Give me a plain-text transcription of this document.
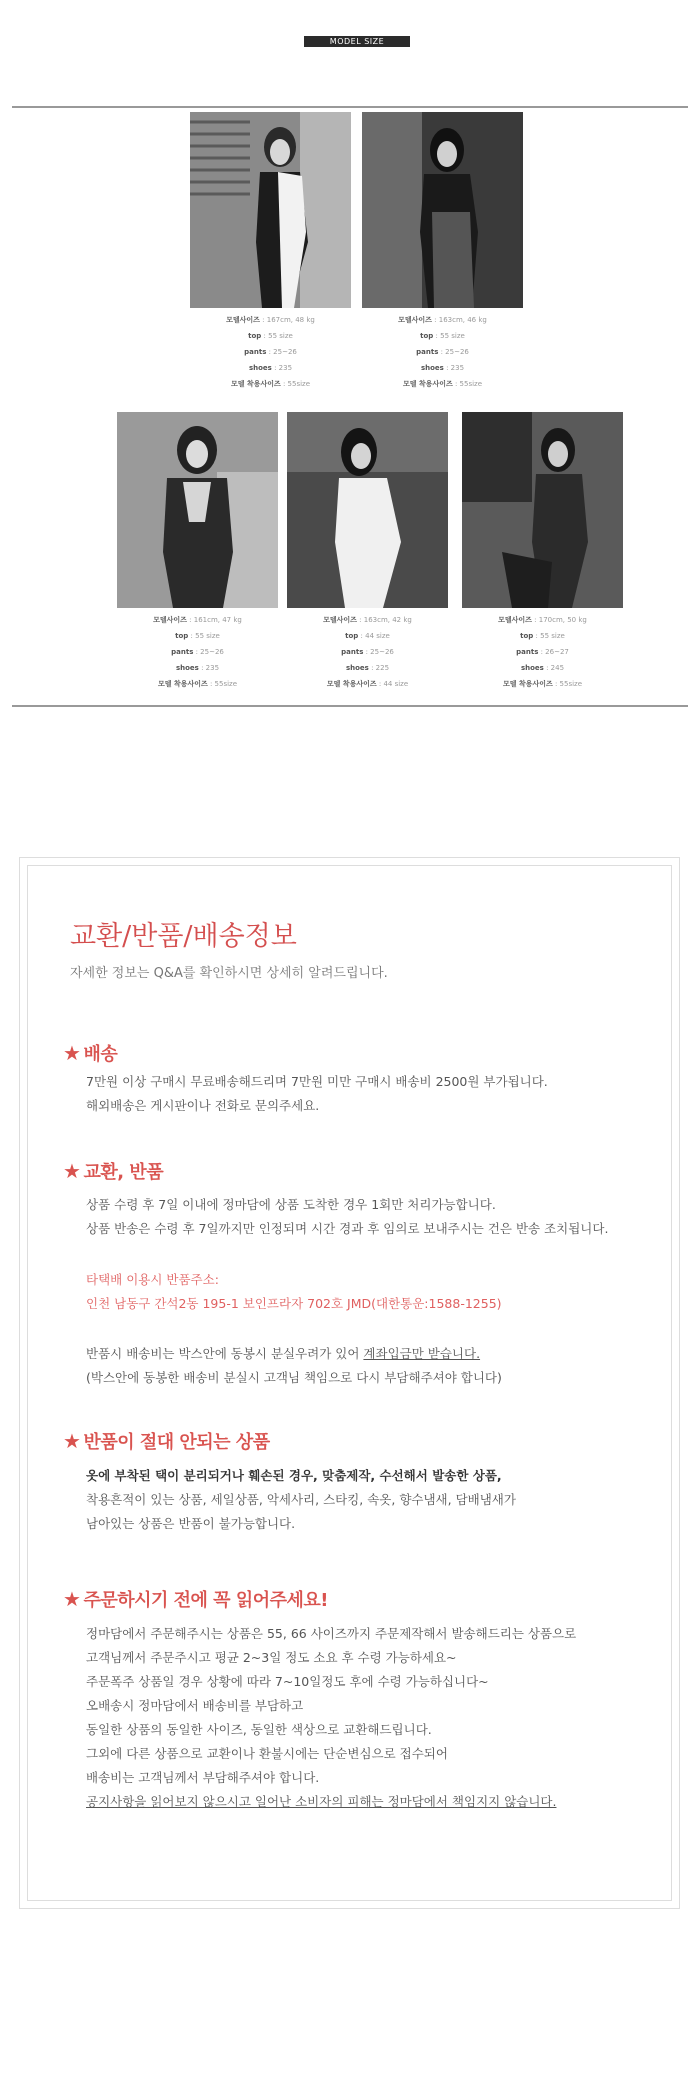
MODEL SIZE
모델사이즈 : 167cm, 48 kg
top : 55 size
pants : 25~26
shoes : 235
모델 착용사이즈 : 55size
모델사이즈 : 163cm, 46 kg
top : 55 size
pants : 25~26
shoes : 235
모델 착용사이즈 : 55size
모델사이즈 : 161cm, 47 kg
top : 55 size
pants : 25~26
shoes : 235
모델 착용사이즈 : 55size
모델사이즈 : 163cm, 42 kg
top : 44 size
pants : 25~26
shoes : 225
모델 착용사이즈 : 44 size
모델사이즈 : 170cm, 50 kg
top : 55 size
pants : 26~27
shoes : 245
모델 착용사이즈 : 55size
교환/반품/배송정보
자세한 정보는 Q&A를 확인하시면 상세히 알려드립니다.
★ 배송
7만원 이상 구매시 무료배송해드리며 7만원 미만 구매시 배송비 2500원 부가됩니다.
해외배송은 게시판이나 전화로 문의주세요.
★ 교환, 반품
상품 수령 후 7일 이내에 정마담에 상품 도착한 경우 1회만 처리가능합니다.
상품 반송은 수령 후 7일까지만 인정되며 시간 경과 후 임의로 보내주시는 건은 반송 조치됩니다.
타택배 이용시 반품주소:
인천 남동구 간석2동 195-1 보인프라자 702호 JMD(대한통운:1588-1255)
반품시 배송비는 박스안에 동봉시 분실우려가 있어 계좌입금만 받습니다.
(박스안에 동봉한 배송비 분실시 고객님 책임으로 다시 부담해주셔야 합니다)
★ 반품이 절대 안되는 상품
옷에 부착된 택이 분리되거나 훼손된 경우, 맞춤제작, 수선해서 발송한 상품,
착용흔적이 있는 상품, 세일상품, 악세사리, 스타킹, 속옷, 향수냄새, 담배냄새가
남아있는 상품은 반품이 불가능합니다.
★ 주문하시기 전에 꼭 읽어주세요!
정마담에서 주문해주시는 상품은 55, 66 사이즈까지 주문제작해서 발송해드리는 상품으로
고객님께서 주문주시고 평균 2~3일 정도 소요 후 수령 가능하세요~
주문폭주 상품일 경우 상황에 따라 7~10일정도 후에 수령 가능하십니다~
오배송시 정마담에서 배송비를 부담하고
동일한 상품의 동일한 사이즈, 동일한 색상으로 교환해드립니다.
그외에 다른 상품으로 교환이나 환불시에는 단순변심으로 접수되어
배송비는 고객님께서 부담해주셔야 합니다.
공지사항을 읽어보지 않으시고 일어난 소비자의 피해는 정마담에서 책임지지 않습니다.
